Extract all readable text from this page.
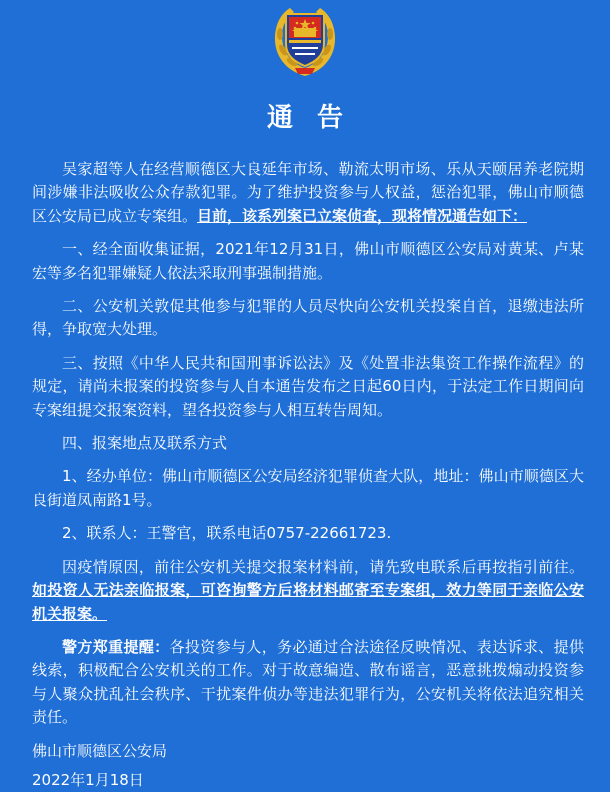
通告

吴家超等人在经营顺德区大良延年市场、勒流太明市场、乐从天颐居养老院期间涉嫌非法吸收公众存款犯罪。为了维护投资参与人权益，惩治犯罪，佛山市顺德区公安局已成立专案组。目前，该系列案已立案侦查，现将情况通告如下：

一、经全面收集证据，2021年12月31日，佛山市顺德区公安局对黄某、卢某宏等多名犯罪嫌疑人依法采取刑事强制措施。

二、公安机关敦促其他参与犯罪的人员尽快向公安机关投案自首，退缴违法所得，争取宽大处理。

三、按照《中华人民共和国刑事诉讼法》及《处置非法集资工作操作流程》的规定，请尚未报案的投资参与人自本通告发布之日起60日内，于法定工作日期间向专案组提交报案资料，望各投资参与人相互转告周知。

四、报案地点及联系方式

1、经办单位：佛山市顺德区公安局经济犯罪侦查大队，地址：佛山市顺德区大良街道凤南路1号。

2、联系人：王警官，联系电话0757-22661723.

因疫情原因，前往公安机关提交报案材料前，请先致电联系后再按指引前往。如投资人无法亲临报案，可咨询警方后将材料邮寄至专案组，效力等同于亲临公安机关报案。

警方郑重提醒：各投资参与人，务必通过合法途径反映情况、表达诉求、提供线索，积极配合公安机关的工作。对于故意编造、散布谣言，恶意挑拨煽动投资参与人聚众扰乱社会秩序、干扰案件侦办等违法犯罪行为，公安机关将依法追究相关责任。

佛山市顺德区公安局

2022年1月18日
